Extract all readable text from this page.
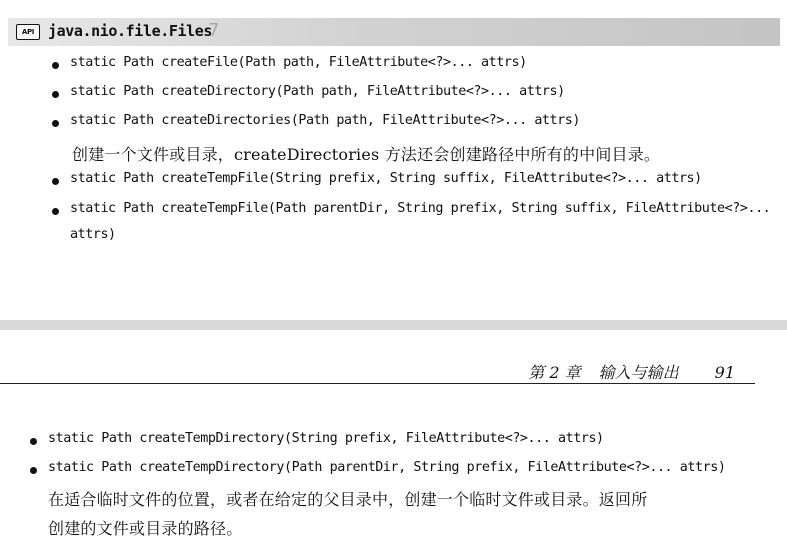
API java.nio.file.Files
7
static Path createFile(Path path, FileAttribute<?>... attrs)
static Path createDirectory(Path path, FileAttribute<?>... attrs)
static Path createDirectories(Path path, FileAttribute<?>... attrs)
创建一个文件或目录，createDirectories 方法还会创建路径中所有的中间目录。
static Path createTempFile(String prefix, String suffix, FileAttribute<?>... attrs)
static Path createTempFile(Path parentDir, String prefix, String suffix, FileAttribute<?>...
attrs)
第 2 章 输入与输出 91
static Path createTempDirectory(String prefix, FileAttribute<?>... attrs)
static Path createTempDirectory(Path parentDir, String prefix, FileAttribute<?>... attrs)
在适合临时文件的位置，或者在给定的父目录中，创建一个临时文件或目录。返回所
创建的文件或目录的路径。
